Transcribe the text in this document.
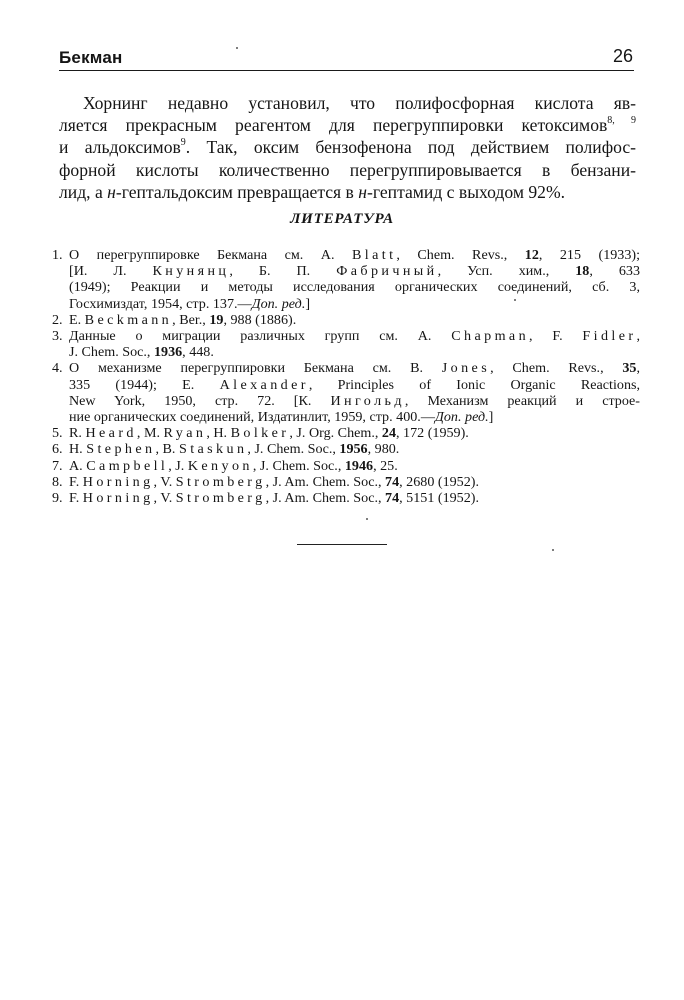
Бекман	26
Хорнинг недавно установил, что полифосфорная кислота яв-
ляется прекрасным реагентом для перегруппировки кетоксимов$^{8, 9}$
и альдоксимов$^9$. Так, оксим бензофенона под действием полифос-
форной кислоты количественно перегруппировывается в бензани-
лид, а н-гептальдоксим превращается в н-гептамид с выходом 92%.
ЛИТЕРАТУРА
1. О перегруппировке Бекмана см. A. Blatt, Chem. Revs., 12, 215 (1933);
[И. Л. Кнунянц, Б. П. Фабричный, Усп. хим., 18, 633
(1949); Реакции и методы исследования органических соединений, сб. 3,
Госхимиздат, 1954, стр. 137.—Доп. ред.]
2. E. Beckmann, Ber., 19, 988 (1886).
3. Данные о миграции различных групп см. A. Chapman, F. Fidler,
J. Chem. Soc., 1936, 448.
4. О механизме перегруппировки Бекмана см. B. Jones, Chem. Revs., 35,
335 (1944); E. Alexander, Principles of Ionic Organic Reactions,
New York, 1950, стр. 72. [К. Ингольд, Механизм реакций и строе-
ние органических соединений, Издатинлит, 1959, стр. 400.—Доп. ред.]
5. R. Heard, M. Ryan, H. Bolker, J. Org. Chem., 24, 172 (1959).
6. H. Stephen, B. Staskun, J. Chem. Soc., 1956, 980.
7. A. Campbell, J. Kenyon, J. Chem. Soc., 1946, 25.
8. F. Horning, V. Stromberg, J. Am. Chem. Soc., 74, 2680 (1952).
9. F. Horning, V. Stromberg, J. Am. Chem. Soc., 74, 5151 (1952).
